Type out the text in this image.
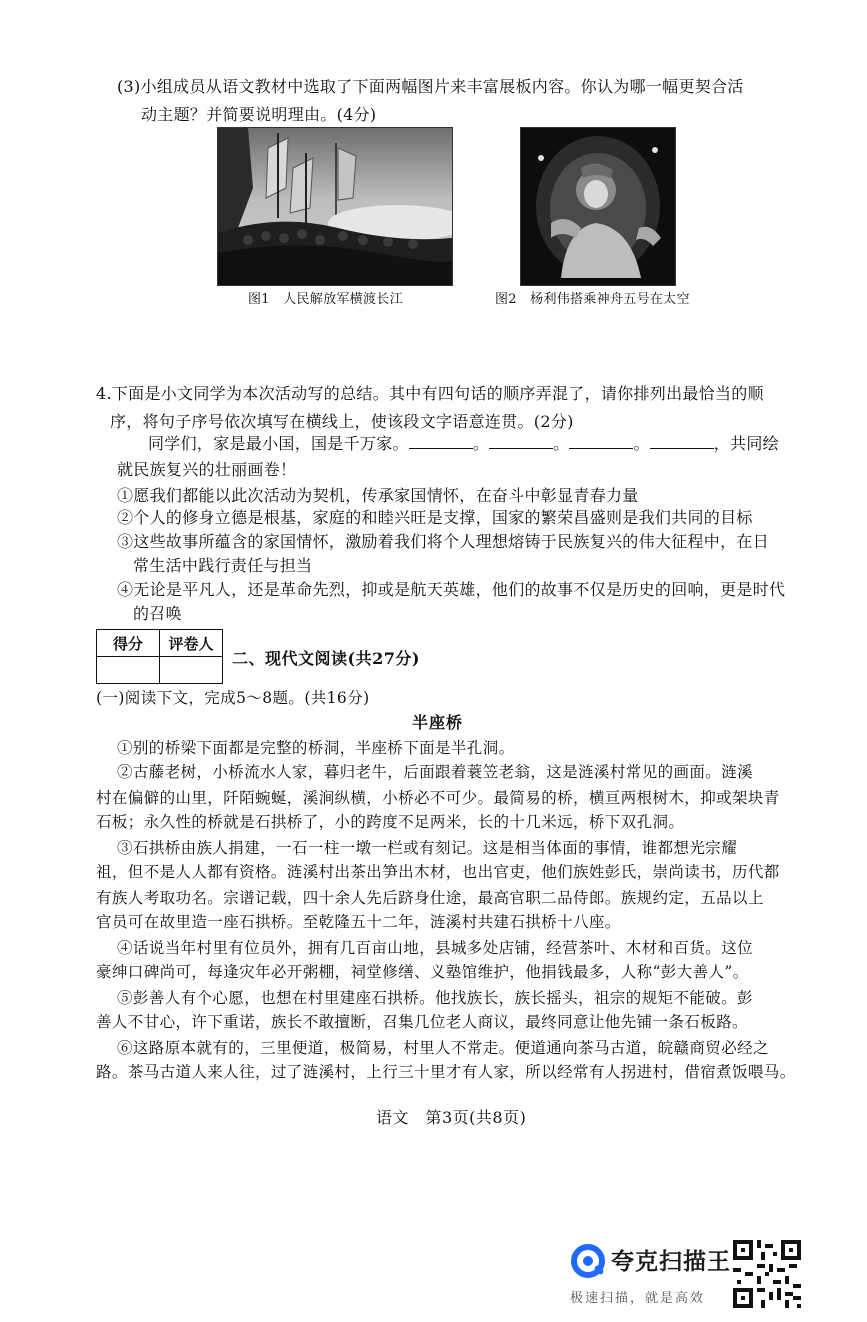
(3)小组成员从语文教材中选取了下面两幅图片来丰富展板内容。你认为哪一幅更契合活
动主题？并简要说明理由。(4分)
图1　人民解放军横渡长江	图2　杨利伟搭乘神舟五号在太空
4.下面是小文同学为本次活动写的总结。其中有四句话的顺序弄混了，请你排列出最恰当的顺
序，将句子序号依次填写在横线上，使该段文字语意连贯。(2分)
同学们，家是最小国，国是千万家。	。	。	。	，共同绘
就民族复兴的壮丽画卷！
①愿我们都能以此次活动为契机，传承家国情怀，在奋斗中彰显青春力量
②个人的修身立德是根基，家庭的和睦兴旺是支撑，国家的繁荣昌盛则是我们共同的目标
③这些故事所蕴含的家国情怀，激励着我们将个人理想熔铸于民族复兴的伟大征程中，在日
常生活中践行责任与担当
④无论是平凡人，还是革命先烈，抑或是航天英雄，他们的故事不仅是历史的回响，更是时代
的召唤
得分	评卷人

二、现代文阅读(共27分)
(一)阅读下文，完成5～8题。(共16分)
半座桥
①别的桥梁下面都是完整的桥洞，半座桥下面是半孔洞。
②古藤老树，小桥流水人家，暮归老牛，后面跟着蓑笠老翁，这是涟溪村常见的画面。涟溪
村在偏僻的山里，阡陌蜿蜒，溪涧纵横，小桥必不可少。最简易的桥，横亘两根树木，抑或架块青
石板；永久性的桥就是石拱桥了，小的跨度不足两米，长的十几米远，桥下双孔洞。
③石拱桥由族人捐建，一石一柱一墩一栏或有刻记。这是相当体面的事情，谁都想光宗耀
祖，但不是人人都有资格。涟溪村出茶出笋出木材，也出官吏，他们族姓彭氏，崇尚读书，历代都
有族人考取功名。宗谱记载，四十余人先后跻身仕途，最高官职二品侍郎。族规约定，五品以上
官员可在故里造一座石拱桥。至乾隆五十二年，涟溪村共建石拱桥十八座。
④话说当年村里有位员外，拥有几百亩山地，县城多处店铺，经营茶叶、木材和百货。这位
豪绅口碑尚可，每逢灾年必开粥棚，祠堂修缮、义塾馆维护，他捐钱最多，人称“彭大善人”。
⑤彭善人有个心愿，也想在村里建座石拱桥。他找族长，族长摇头，祖宗的规矩不能破。彭
善人不甘心，许下重诺，族长不敢擅断，召集几位老人商议，最终同意让他先铺一条石板路。
⑥这路原本就有的，三里便道，极简易，村里人不常走。便道通向茶马古道，皖赣商贸必经之
路。茶马古道人来人往，过了涟溪村，上行三十里才有人家，所以经常有人拐进村，借宿煮饭喂马。
语文　第3页(共8页)
夸克扫描王
极速扫描，就是高效
